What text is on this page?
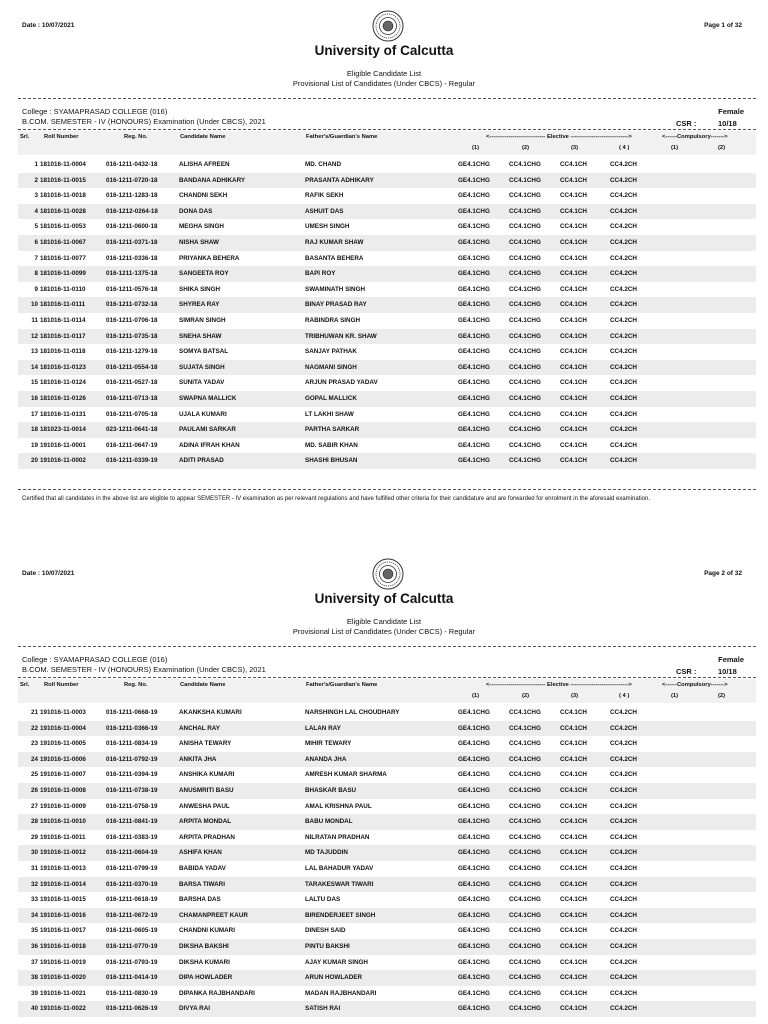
Date : 10/07/2021	Page 1 of 32
University of Calcutta
Eligible Candidate List
Provisional List of Candidates (Under CBCS) - Regular
College : SYAMAPRASAD COLLEGE (016)
B.COM. SEMESTER - IV (HONOURS) Examination (Under CBCS), 2021
Female
CSR :	10/18
Srl.	Roll Number	Reg. No.	Candidate Name	Father's/Guardian's Name	<----------------------------- Elective ------------------------------>	<------Compulsory------->
(1)	(2)	(3)	( 4 )	(1)	(2)
1 181016-11-0004	016-1211-0432-18	ALISHA AFREEN	MD. CHAND	GE4.1CHG	CC4.1CHG	CC4.1CH	CC4.2CH
2 181016-11-0015	016-1211-0720-18	BANDANA ADHIKARY	PRASANTA ADHIKARY	GE4.1CHG	CC4.1CHG	CC4.1CH	CC4.2CH
3 181016-11-0018	016-1211-1283-18	CHANDNI SEKH	RAFIK SEKH	GE4.1CHG	CC4.1CHG	CC4.1CH	CC4.2CH
4 181016-11-0028	016-1212-0264-18	DONA DAS	ASHUIT DAS	GE4.1CHG	CC4.1CHG	CC4.1CH	CC4.2CH
5 181016-11-0053	016-1211-0600-18	MEGHA SINGH	UMESH SINGH	GE4.1CHG	CC4.1CHG	CC4.1CH	CC4.2CH
6 181016-11-0067	016-1211-0371-18	NISHA SHAW	RAJ KUMAR SHAW	GE4.1CHG	CC4.1CHG	CC4.1CH	CC4.2CH
7 181016-11-0077	016-1211-0336-18	PRIYANKA BEHERA	BASANTA BEHERA	GE4.1CHG	CC4.1CHG	CC4.1CH	CC4.2CH
8 181016-11-0099	016-1211-1375-18	SANGEETA ROY	BAPI ROY	GE4.1CHG	CC4.1CHG	CC4.1CH	CC4.2CH
9 181016-11-0110	016-1211-0576-18	SHIKA SINGH	SWAMINATH SINGH	GE4.1CHG	CC4.1CHG	CC4.1CH	CC4.2CH
10 181016-11-0111	016-1211-0732-18	SHYREA RAY	BINAY PRASAD RAY	GE4.1CHG	CC4.1CHG	CC4.1CH	CC4.2CH
11 181016-11-0114	016-1211-0706-18	SIMRAN SINGH	RABINDRA SINGH	GE4.1CHG	CC4.1CHG	CC4.1CH	CC4.2CH
12 181016-11-0117	016-1211-0735-18	SNEHA SHAW	TRIBHUWAN KR. SHAW	GE4.1CHG	CC4.1CHG	CC4.1CH	CC4.2CH
13 181016-11-0118	016-1211-1279-18	SOMYA BATSAL	SANJAY PATHAK	GE4.1CHG	CC4.1CHG	CC4.1CH	CC4.2CH
14 181016-11-0123	016-1211-0554-18	SUJATA SINGH	NAGMANI SINGH	GE4.1CHG	CC4.1CHG	CC4.1CH	CC4.2CH
15 181016-11-0124	016-1211-0527-18	SUNITA YADAV	ARJUN PRASAD YADAV	GE4.1CHG	CC4.1CHG	CC4.1CH	CC4.2CH
16 181016-11-0126	016-1211-0713-18	SWAPNA MALLICK	GOPAL MALLICK	GE4.1CHG	CC4.1CHG	CC4.1CH	CC4.2CH
17 181016-11-0131	016-1211-0705-18	UJALA KUMARI	LT LAKHI SHAW	GE4.1CHG	CC4.1CHG	CC4.1CH	CC4.2CH
18 181023-11-0014	023-1211-0641-18	PAULAMI SARKAR	PARTHA SARKAR	GE4.1CHG	CC4.1CHG	CC4.1CH	CC4.2CH
19 191016-11-0001	016-1211-0647-19	ADINA IFRAH KHAN	MD. SABIR KHAN	GE4.1CHG	CC4.1CHG	CC4.1CH	CC4.2CH
20 191016-11-0002	016-1211-0339-19	ADITI PRASAD	SHASHI BHUSAN	GE4.1CHG	CC4.1CHG	CC4.1CH	CC4.2CH
Certified that all candidates in the above list are eligible to appear SEMESTER - IV examination as per relevant regulations and have fulfilled other criteria for their candidature and are forwarded for enrolment in the aforesaid examination.
Date : 10/07/2021	Page 2 of 32
University of Calcutta
Eligible Candidate List
Provisional List of Candidates (Under CBCS) - Regular
College : SYAMAPRASAD COLLEGE (016)
B.COM. SEMESTER - IV (HONOURS) Examination (Under CBCS), 2021
Female
CSR :	10/18
Srl.	Roll Number	Reg. No.	Candidate Name	Father's/Guardian's Name	<----------------------------- Elective ------------------------------>	<------Compulsory------->
(1)	(2)	(3)	( 4 )	(1)	(2)
21 191016-11-0003	016-1211-0668-19	AKANKSHA KUMARI	NARSHINGH LAL CHOUDHARY	GE4.1CHG	CC4.1CHG	CC4.1CH	CC4.2CH
22 191016-11-0004	016-1211-0366-19	ANCHAL RAY	LALAN RAY	GE4.1CHG	CC4.1CHG	CC4.1CH	CC4.2CH
23 191016-11-0005	016-1211-0834-19	ANISHA TEWARY	MIHIR TEWARY	GE4.1CHG	CC4.1CHG	CC4.1CH	CC4.2CH
24 191016-11-0006	016-1211-0792-19	ANKITA JHA	ANANDA JHA	GE4.1CHG	CC4.1CHG	CC4.1CH	CC4.2CH
25 191016-11-0007	016-1211-0394-19	ANSHIKA KUMARI	AMRESH KUMAR SHARMA	GE4.1CHG	CC4.1CHG	CC4.1CH	CC4.2CH
26 191016-11-0008	016-1211-0738-19	ANUSMRITI BASU	BHASKAR BASU	GE4.1CHG	CC4.1CHG	CC4.1CH	CC4.2CH
27 191016-11-0009	016-1211-0758-19	ANWESHA PAUL	AMAL KRISHNA PAUL	GE4.1CHG	CC4.1CHG	CC4.1CH	CC4.2CH
28 191016-11-0010	016-1211-0841-19	ARPITA MONDAL	BABU MONDAL	GE4.1CHG	CC4.1CHG	CC4.1CH	CC4.2CH
29 191016-11-0011	016-1211-0383-19	ARPITA PRADHAN	NILRATAN PRADHAN	GE4.1CHG	CC4.1CHG	CC4.1CH	CC4.2CH
30 191016-11-0012	016-1211-0604-19	ASHIFA KHAN	MD TAJUDDIN	GE4.1CHG	CC4.1CHG	CC4.1CH	CC4.2CH
31 191016-11-0013	016-1211-0799-19	BABIDA YADAV	LAL BAHADUR YADAV	GE4.1CHG	CC4.1CHG	CC4.1CH	CC4.2CH
32 191016-11-0014	016-1211-0370-19	BARSA TIWARI	TARAKESWAR TIWARI	GE4.1CHG	CC4.1CHG	CC4.1CH	CC4.2CH
33 191016-11-0015	016-1211-0618-19	BARSHA DAS	LALTU DAS	GE4.1CHG	CC4.1CHG	CC4.1CH	CC4.2CH
34 191016-11-0016	016-1211-0672-19	CHAMANPREET KAUR	BIRENDERJEET SINGH	GE4.1CHG	CC4.1CHG	CC4.1CH	CC4.2CH
35 191016-11-0017	016-1211-0605-19	CHANDNI KUMARI	DINESH SAID	GE4.1CHG	CC4.1CHG	CC4.1CH	CC4.2CH
36 191016-11-0018	016-1211-0770-19	DIKSHA BAKSHI	PINTU BAKSHI	GE4.1CHG	CC4.1CHG	CC4.1CH	CC4.2CH
37 191016-11-0019	016-1211-0793-19	DIKSHA KUMARI	AJAY KUMAR SINGH	GE4.1CHG	CC4.1CHG	CC4.1CH	CC4.2CH
38 191016-11-0020	016-1211-0414-19	DIPA HOWLADER	ARUN HOWLADER	GE4.1CHG	CC4.1CHG	CC4.1CH	CC4.2CH
39 191016-11-0021	016-1211-0830-19	DIPANKA RAJBHANDARI	MADAN RAJBHANDARI	GE4.1CHG	CC4.1CHG	CC4.1CH	CC4.2CH
40 191016-11-0022	016-1211-0626-19	DIVYA RAI	SATISH RAI	GE4.1CHG	CC4.1CHG	CC4.1CH	CC4.2CH
